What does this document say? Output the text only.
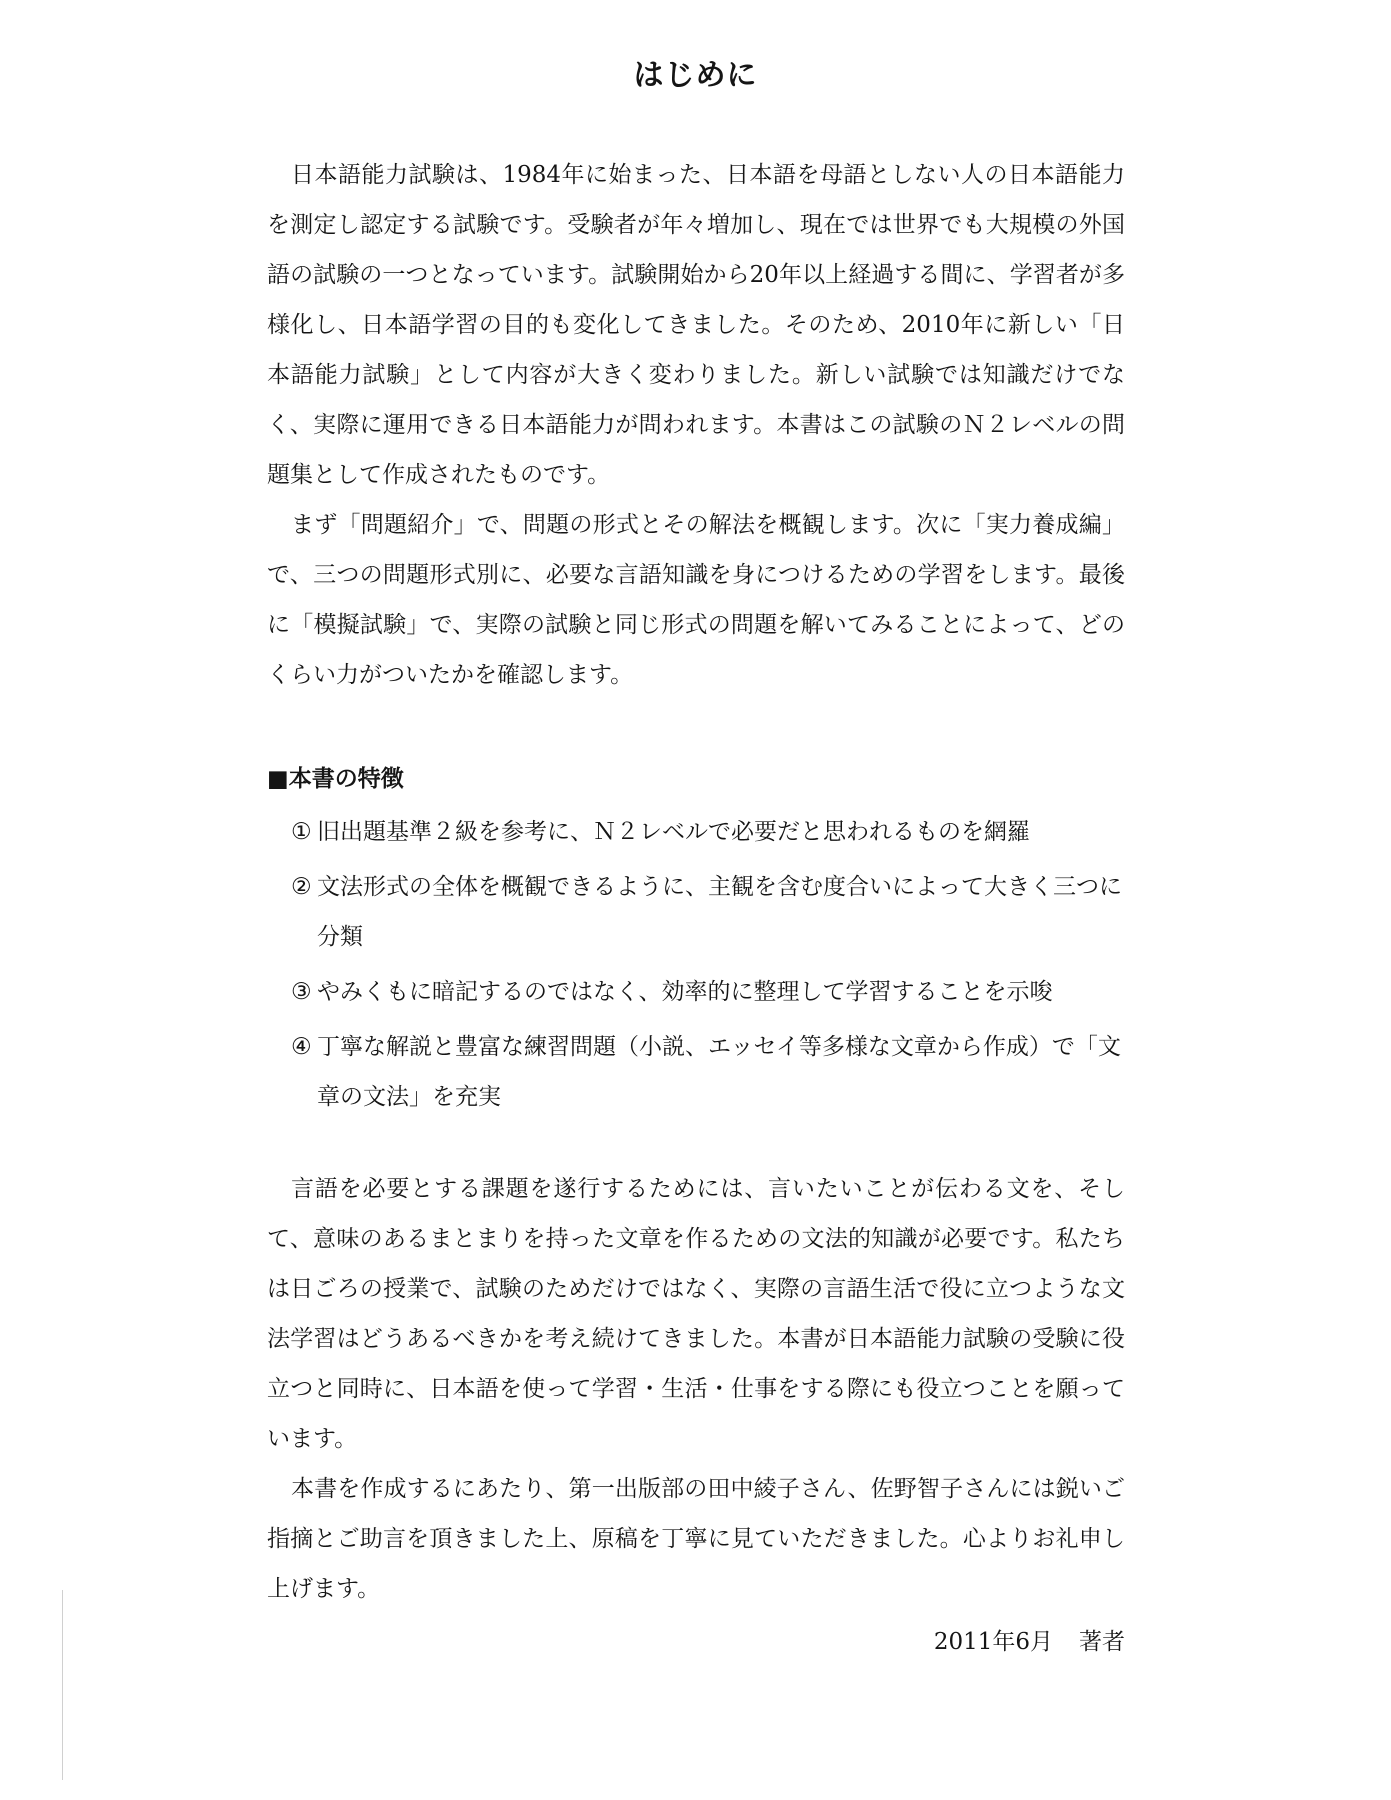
はじめに

日本語能力試験は、1984年に始まった、日本語を母語としない人の日本語能力を測定し認定する試験です。受験者が年々増加し、現在では世界でも大規模の外国語の試験の一つとなっています。試験開始から20年以上経過する間に、学習者が多様化し、日本語学習の目的も変化してきました。そのため、2010年に新しい「日本語能力試験」として内容が大きく変わりました。新しい試験では知識だけでなく、実際に運用できる日本語能力が問われます。本書はこの試験のＮ２レベルの問題集として作成されたものです。

まず「問題紹介」で、問題の形式とその解法を概観します。次に「実力養成編」で、三つの問題形式別に、必要な言語知識を身につけるための学習をします。最後に「模擬試験」で、実際の試験と同じ形式の問題を解いてみることによって、どのくらい力がついたかを確認します。

■本書の特徴
① 旧出題基準２級を参考に、Ｎ２レベルで必要だと思われるものを網羅
② 文法形式の全体を概観できるように、主観を含む度合いによって大きく三つに分類
③ やみくもに暗記するのではなく、効率的に整理して学習することを示唆
④ 丁寧な解説と豊富な練習問題（小説、エッセイ等多様な文章から作成）で「文章の文法」を充実

言語を必要とする課題を遂行するためには、言いたいことが伝わる文を、そして、意味のあるまとまりを持った文章を作るための文法的知識が必要です。私たちは日ごろの授業で、試験のためだけではなく、実際の言語生活で役に立つような文法学習はどうあるべきかを考え続けてきました。本書が日本語能力試験の受験に役立つと同時に、日本語を使って学習・生活・仕事をする際にも役立つことを願っています。

本書を作成するにあたり、第一出版部の田中綾子さん、佐野智子さんには鋭いご指摘とご助言を頂きました上、原稿を丁寧に見ていただきました。心よりお礼申し上げます。

2011年6月 著者
